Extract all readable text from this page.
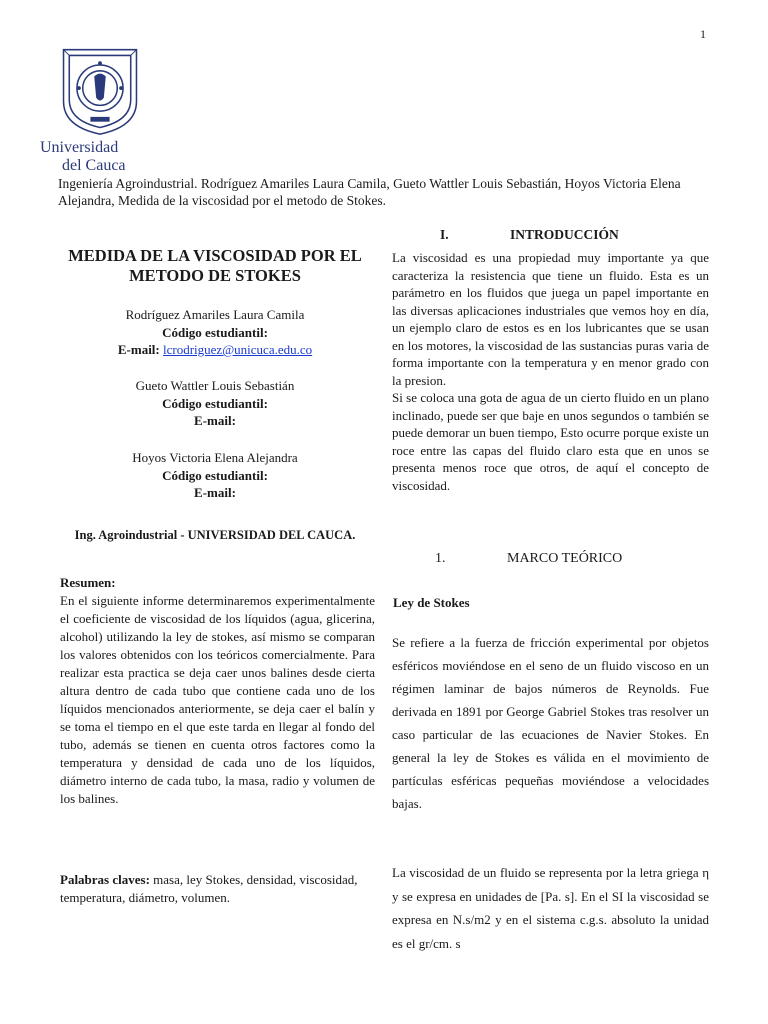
1
Universidad
del Cauca
Ingeniería Agroindustrial. Rodríguez Amariles Laura Camila, Gueto Wattler Louis Sebastián, Hoyos Victoria Elena Alejandra, Medida de la viscosidad por el metodo de Stokes.
MEDIDA DE LA VISCOSIDAD POR EL METODO DE STOKES
Rodríguez Amariles Laura Camila
Código estudiantil:
E-mail: lcrodriguez@unicuca.edu.co
Gueto Wattler Louis Sebastián
Código estudiantil:
E-mail:
Hoyos Victoria Elena Alejandra
Código estudiantil:
E-mail:
Ing. Agroindustrial - UNIVERSIDAD DEL CAUCA.
Resumen:
En el siguiente informe determinaremos experimentalmente el coeficiente de viscosidad de los líquidos (agua, glicerina, alcohol) utilizando la ley de stokes, así mismo se comparan los valores obtenidos con los teóricos comercialmente. Para realizar esta practica se deja caer unos balines desde cierta altura dentro de cada tubo que contiene cada uno de los líquidos mencionados anteriormente, se deja caer el balín y se toma el tiempo en el que este tarda en llegar al fondo del tubo, además se tienen en cuenta otros factores como la temperatura y densidad de cada uno de los líquidos, diámetro interno de cada tubo, la masa, radio y volumen de los balines.
Palabras claves: masa, ley Stokes, densidad, viscosidad, temperatura, diámetro, volumen.
I.	INTRODUCCIÓN
La viscosidad es una propiedad muy importante ya que caracteriza la resistencia que tiene un fluido. Esta es un parámetro en los fluidos que juega un papel importante en las diversas aplicaciones industriales que vemos hoy en día, un ejemplo claro de estos es en los lubricantes que se usan en los motores, la viscosidad de las sustancias puras varia de forma importante con la temperatura y en menor grado con la presion.
Si se coloca una gota de agua de un cierto fluido en un plano inclinado, puede ser que baje en unos segundos o también se puede demorar un buen tiempo, Esto ocurre porque existe un roce entre las capas del fluido claro esta que en unos se presenta menos roce que otros, de aquí el concepto de viscosidad.
1.	MARCO TEÓRICO
Ley de Stokes
Se refiere a la fuerza de fricción experimental por objetos esféricos moviéndose en el seno de un fluido viscoso en un régimen laminar de bajos números de Reynolds. Fue derivada en 1891 por George Gabriel Stokes tras resolver un caso particular de las ecuaciones de Navier Stokes. En general la ley de Stokes es válida en el movimiento de partículas esféricas pequeñas moviéndose a velocidades bajas.
La viscosidad de un fluido se representa por la letra griega η y se expresa en unidades de [Pa. s]. En el SI la viscosidad se expresa en N.s/m2 y en el sistema c.g.s. absoluto la unidad es el gr/cm. s
